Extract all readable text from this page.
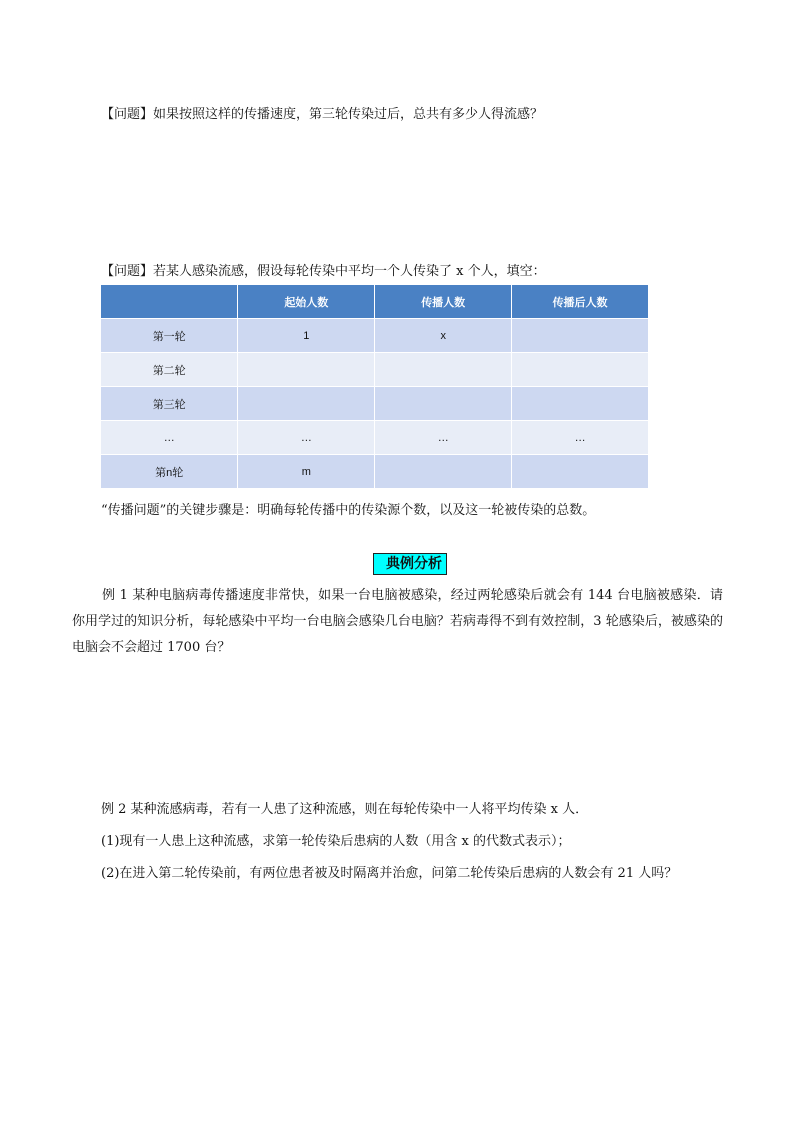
【问题】如果按照这样的传播速度，第三轮传染过后，总共有多少人得流感？
【问题】若某人感染流感，假设每轮传染中平均一个人传染了 x 个人，填空：
	起始人数	传播人数	传播后人数
第一轮	1	x	
第二轮			
第三轮			
…	…	…	…
第n轮	m		
“传播问题”的关键步骤是：明确每轮传播中的传染源个数，以及这一轮被传染的总数。
典例分析
例 1 某种电脑病毒传播速度非常快，如果一台电脑被感染，经过两轮感染后就会有 144 台电脑被感染．请你用学过的知识分析，每轮感染中平均一台电脑会感染几台电脑？若病毒得不到有效控制，3 轮感染后，被感染的电脑会不会超过 1700 台？
例 2 某种流感病毒，若有一人患了这种流感，则在每轮传染中一人将平均传染 x 人．
(1)现有一人患上这种流感，求第一轮传染后患病的人数（用含 x 的代数式表示）；
(2)在进入第二轮传染前，有两位患者被及时隔离并治愈，问第二轮传染后患病的人数会有 21 人吗？
